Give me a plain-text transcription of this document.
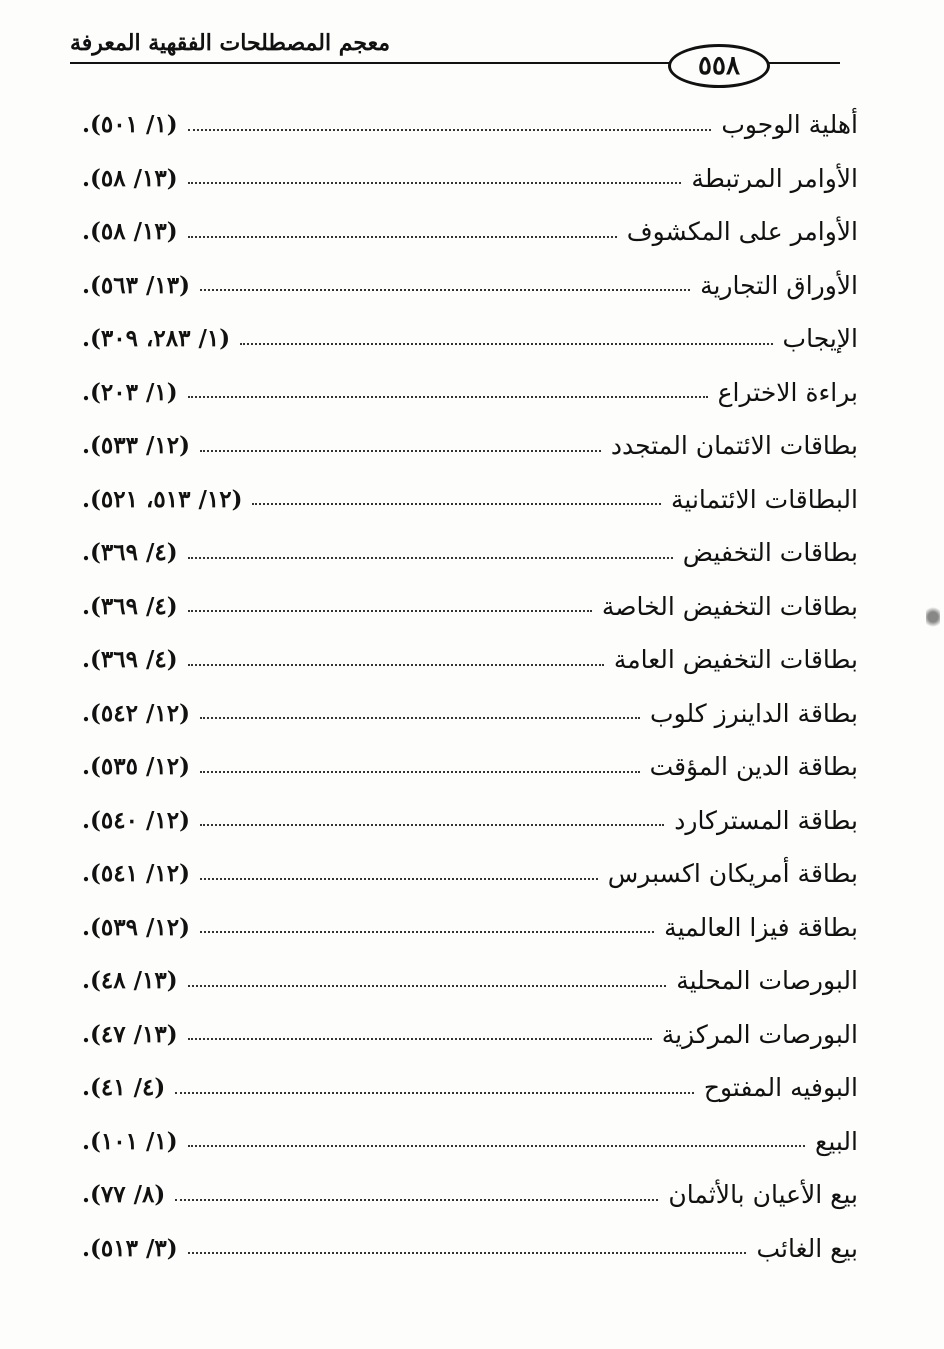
معجم المصطلحات الفقهية المعرفة
٥٥٨
أهلية الوجوب
(١/ ٥٠١).
الأوامر المرتبطة
(١٣/ ٥٨).
الأوامر على المكشوف
(١٣/ ٥٨).
الأوراق التجارية
(١٣/ ٥٦٣).
الإيجاب
(١/ ٢٨٣، ٣٠٩).
براءة الاختراع
(١/ ٢٠٣).
بطاقات الائتمان المتجدد
(١٢/ ٥٣٣).
البطاقات الائتمانية
(١٢/ ٥١٣، ٥٢١).
بطاقات التخفيض
(٤/ ٣٦٩).
بطاقات التخفيض الخاصة
(٤/ ٣٦٩).
بطاقات التخفيض العامة
(٤/ ٣٦٩).
بطاقة الداينرز كلوب
(١٢/ ٥٤٢).
بطاقة الدين المؤقت
(١٢/ ٥٣٥).
بطاقة المستركارد
(١٢/ ٥٤٠).
بطاقة أمريكان اكسبرس
(١٢/ ٥٤١).
بطاقة فيزا العالمية
(١٢/ ٥٣٩).
البورصات المحلية
(١٣/ ٤٨).
البورصات المركزية
(١٣/ ٤٧).
البوفيه المفتوح
(٤/ ٤١).
البيع
(١/ ١٠١).
بيع الأعيان بالأثمان
(٨/ ٧٧).
بيع الغائب
(٣/ ٥١٣).
